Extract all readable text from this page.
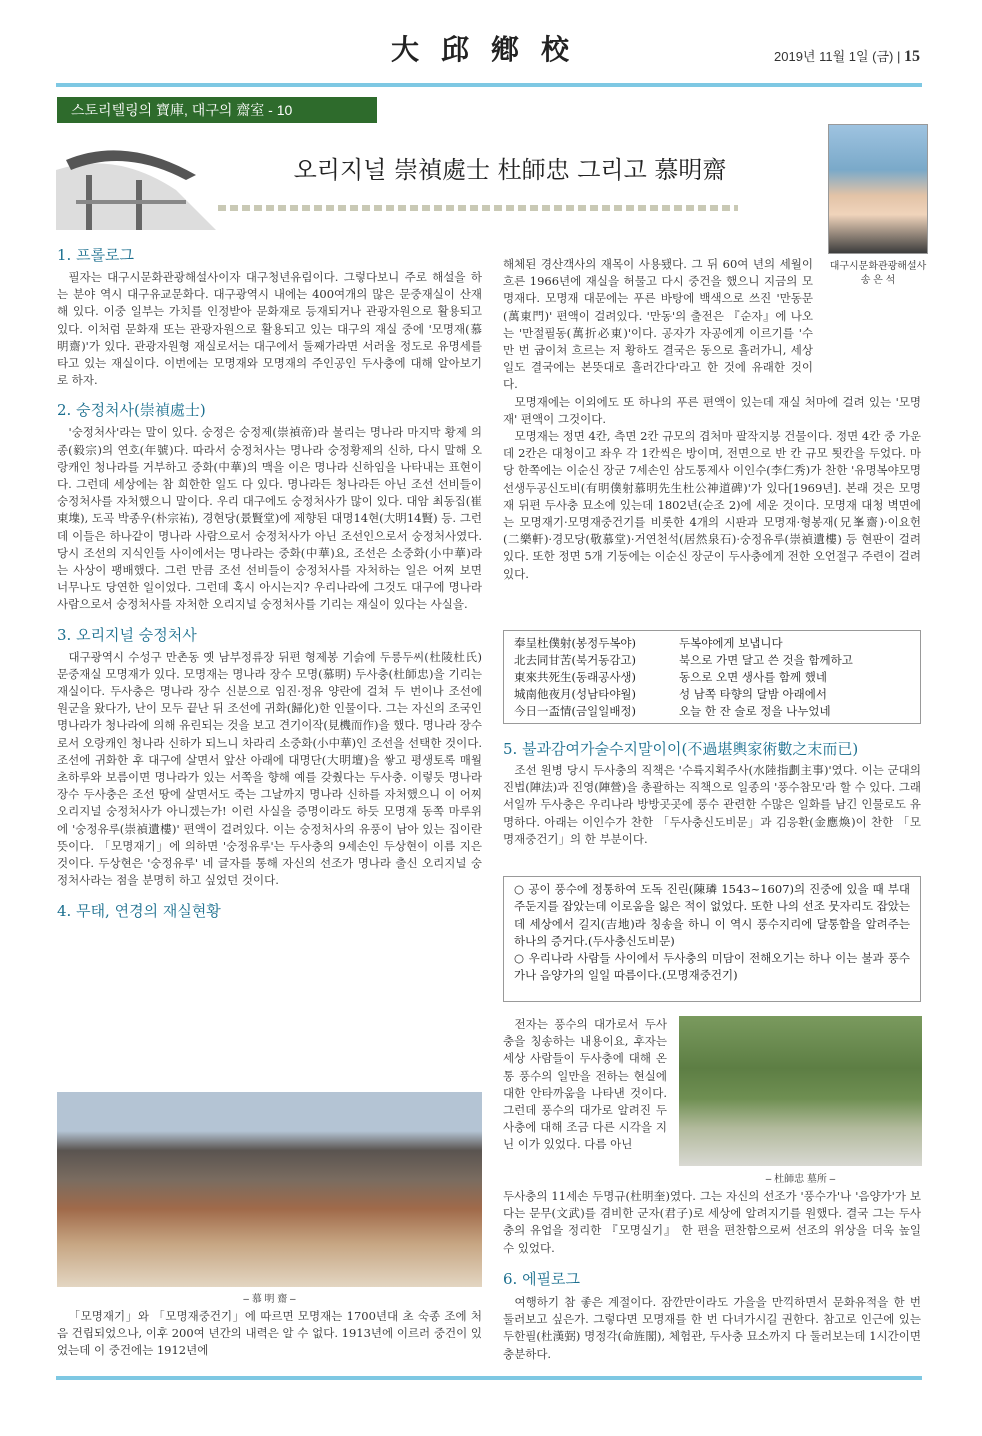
大邱鄕校	2019년 11월 1일 (금) | 15
스토리텔링의 寶庫, 대구의 齋室 - 10
오리지널 崇禎處士 杜師忠 그리고 慕明齋
대구시문화관광해설사
송 은 석
1. 프롤로그

필자는 대구시문화관광해설사이자 대구청년유림이다. 그렇다보니 주로 해설을 하는 분야 역시 대구유교문화다. 대구광역시 내에는 400여개의 많은 문중재실이 산재해 있다. 이중 일부는 가치를 인정받아 문화재로 등재되거나 관광자원으로 활용되고 있다. 이처럼 문화재 또는 관광자원으로 활용되고 있는 대구의 재실 중에 '모명재(慕明齋)'가 있다. 관광자원형 재실로서는 대구에서 둘째가라면 서러울 정도로 유명세를 타고 있는 재실이다. 이번에는 모명재와 모명재의 주인공인 두사충에 대해 알아보기로 하자.

2. 숭정처사(崇禎處士)

'숭정처사'라는 말이 있다. 숭정은 숭정제(崇禎帝)라 불리는 명나라 마지막 황제 의종(毅宗)의 연호(年號)다. 따라서 숭정처사는 명나라 숭정황제의 신하, 다시 말해 오랑캐인 청나라를 거부하고 중화(中華)의 맥을 이은 명나라 신하임을 나타내는 표현이다. 그런데 세상에는 참 희한한 일도 다 있다. 명나라든 청나라든 아닌 조선 선비들이 숭정처사를 자처했으니 말이다. 우리 대구에도 숭정처사가 많이 있다. 대암 최동집(崔東㙫), 도곡 박종우(朴宗祐), 경현당(景賢堂)에 제향된 대명14현(大明14賢) 등. 그런데 이들은 하나같이 명나라 사람으로서 숭정처사가 아닌 조선인으로서 숭정처사였다. 당시 조선의 지식인들 사이에서는 명나라는 중화(中華)요, 조선은 소중화(小中華)라는 사상이 팽배했다. 그런 만큼 조선 선비들이 숭정처사를 자처하는 일은 어찌 보면 너무나도 당연한 일이었다. 그런데 혹시 아시는지? 우리나라에 그것도 대구에 명나라 사람으로서 숭정처사를 자처한 오리지널 숭정처사를 기리는 재실이 있다는 사실을.

3. 오리지널 숭정처사

대구광역시 수성구 만촌동 옛 남부정류장 뒤편 형제봉 기슭에 두릉두씨(杜陵杜氏) 문중재실 모명재가 있다. 모명재는 명나라 장수 모명(慕明) 두사충(杜師忠)을 기리는 재실이다. 두사충은 명나라 장수 신분으로 임진·정유 양란에 걸쳐 두 번이나 조선에 원군을 왔다가, 난이 모두 끝난 뒤 조선에 귀화(歸化)한 인물이다. 그는 자신의 조국인 명나라가 청나라에 의해 유린되는 것을 보고 견기이작(見機而作)을 했다. 명나라 장수로서 오랑캐인 청나라 신하가 되느니 차라리 소중화(小中華)인 조선을 선택한 것이다. 조선에 귀화한 후 대구에 살면서 앞산 아래에 대명단(大明壇)을 쌓고 평생토록 매월 초하루와 보름이면 명나라가 있는 서쪽을 향해 예를 갖췄다는 두사충. 이렇듯 명나라 장수 두사충은 조선 땅에 살면서도 죽는 그날까지 명나라 신하를 자처했으니 이 어찌 오리지널 숭정처사가 아니겠는가! 이런 사실을 증명이라도 하듯 모명재 동쪽 마루위에 '숭정유루(崇禎遺樓)' 편액이 걸려있다. 이는 숭정처사의 유풍이 남아 있는 집이란 뜻이다. 「모명재기」에 의하면 '숭정유루'는 두사충의 9세손인 두상현이 이름 지은 것이다. 두상현은 '숭정유루' 네 글자를 통해 자신의 선조가 명나라 출신 오리지널 숭정처사라는 점을 분명히 하고 싶었던 것이다.

4. 무태, 연경의 재실현황
– 慕 明 齋 –

「모명재기」와 「모명재중건기」에 따르면 모명재는 1700년대 초 숙종 조에 처음 건립되었으나, 이후 200여 년간의 내력은 알 수 없다. 1913년에 이르러 중건이 있었는데 이 중건에는 1912년에

해체된 경산객사의 재목이 사용됐다. 그 뒤 60여 년의 세월이 흐른 1966년에 재실을 허물고 다시 중건을 했으니 지금의 모명재다. 모명재 대문에는 푸른 바탕에 백색으로 쓰진 '만동문(萬東門)' 편액이 걸려있다. '만동'의 출전은 『순자』에 나오는 '만절필동(萬折必東)'이다. 공자가 자공에게 이르기를 '수 만 번 굽이쳐 흐르는 저 황하도 결국은 동으로 흘러가니, 세상일도 결국에는 본뜻대로 흘러간다'라고 한 것에 유래한 것이다.

모명재에는 이외에도 또 하나의 푸른 편액이 있는데 재실 처마에 걸려 있는 '모명재' 편액이 그것이다.

모명재는 정면 4칸, 측면 2칸 규모의 겹처마 팔작지붕 건물이다. 정면 4칸 중 가운데 2칸은 대청이고 좌우 각 1칸씩은 방이며, 전면으로 반 칸 규모 툇칸을 두었다. 마당 한쪽에는 이순신 장군 7세손인 삼도통제사 이인수(李仁秀)가 찬한 '유명복야모명선생두공신도비(有明僕射慕明先生杜公神道碑)'가 있다[1969년]. 본래 것은 모명재 뒤편 두사충 묘소에 있는데 1802년(순조 2)에 세운 것이다. 모명재 대청 벽면에는 모명재기·모명재중건기를 비롯한 4개의 시판과 모명재·형봉재(兄峯齋)·이요헌(二樂軒)·경모당(敬慕堂)·거연천석(居然泉石)·숭정유루(崇禎遺樓) 등 현판이 걸려 있다. 또한 정면 5개 기둥에는 이순신 장군이 두사충에게 전한 오언절구 주련이 걸려 있다.

奉呈杜僕射(봉정두복야)	두복야에게 보냅니다
北去同甘苦(북거동감고)	북으로 가면 달고 쓴 것을 함께하고
東來共死生(동래공사생)	동으로 오면 생사를 함께 했네
城南他夜月(성남타야월)	성 남쪽 타향의 달밤 아래에서
今日一盃情(금일일배정)	오늘 한 잔 술로 정을 나누었네
5. 불과감여가술수지말이이(不過堪輿家術數之末而已)

조선 원병 당시 두사충의 직책은 '수륙지획주사(水陸指劃主事)'였다. 이는 군대의 진법(陣法)과 진영(陣營)을 총괄하는 직책으로 일종의 '풍수참모'라 할 수 있다. 그래서일까 두사충은 우리나라 방방곳곳에 풍수 관련한 수많은 일화를 남긴 인물로도 유명하다. 아래는 이인수가 찬한 「두사충신도비문」과 김응환(金應煥)이 찬한 「모명재중건기」의 한 부분이다.

○ 공이 풍수에 정통하여 도독 진린(陳璘 1543~1607)의 진중에 있을 때 부대 주둔지를 잡았는데 이로움을 잃은 적이 없었다. 또한 나의 선조 뭇자리도 잡았는데 세상에서 길지(吉地)라 칭송을 하니 이 역시 풍수지리에 달통함을 알려주는 하나의 증거다.(두사충신도비문)
○ 우리나라 사람들 사이에서 두사충의 미담이 전해오기는 하나 이는 불과 풍수가나 음양가의 일일 따름이다.(모명재중건기)

전자는 풍수의 대가로서 두사충을 칭송하는 내용이요, 후자는 세상 사람들이 두사충에 대해 온통 풍수의 일만을 전하는 현실에 대한 안타까움을 나타낸 것이다. 그런데 풍수의 대가로 알려진 두사충에 대해 조금 다른 시각을 지닌 이가 있었다. 다름 아닌

– 杜師忠 墓所 –

두사충의 11세손 두명규(杜明奎)였다. 그는 자신의 선조가 '풍수가'나 '음양가'가 보다는 문무(文武)를 겸비한 군자(君子)로 세상에 알려지기를 원했다. 결국 그는 두사충의 유업을 정리한 『모명실기』 한 편을 편찬함으로써 선조의 위상을 더욱 높일 수 있었다.

6. 에필로그

여행하기 참 좋은 계절이다. 잠깐만이라도 가을을 만끽하면서 문화유적을 한 번 둘러보고 싶은가. 그렇다면 모명재를 한 번 다녀가시길 권한다. 참고로 인근에 있는 두한필(杜漢弼) 명정각(命旌閣), 체험관, 두사충 묘소까지 다 둘러보는데 1시간이면 충분하다.
